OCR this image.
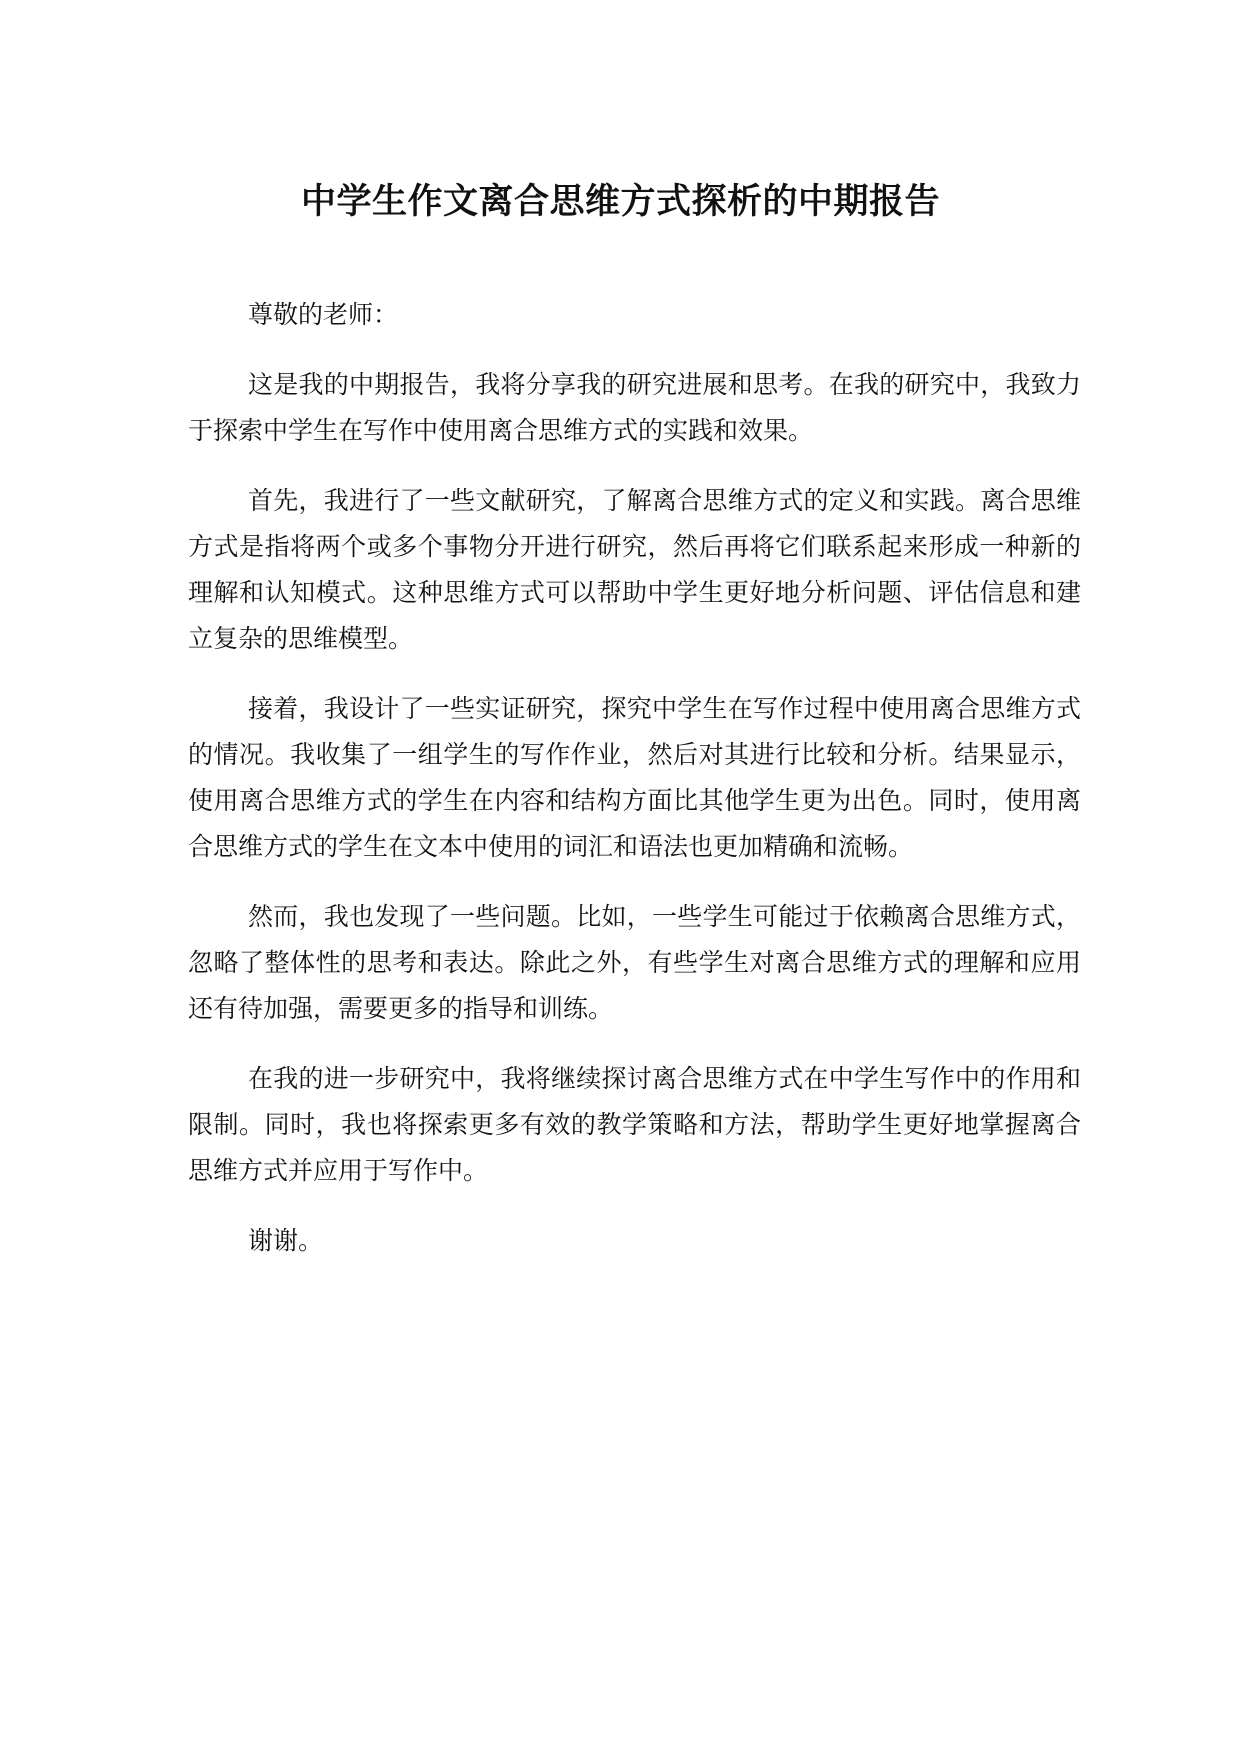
中学生作文离合思维方式探析的中期报告

尊敬的老师：

这是我的中期报告，我将分享我的研究进展和思考。在我的研究中，我致力于探索中学生在写作中使用离合思维方式的实践和效果。

首先，我进行了一些文献研究，了解离合思维方式的定义和实践。离合思维方式是指将两个或多个事物分开进行研究，然后再将它们联系起来形成一种新的理解和认知模式。这种思维方式可以帮助中学生更好地分析问题、评估信息和建立复杂的思维模型。

接着，我设计了一些实证研究，探究中学生在写作过程中使用离合思维方式的情况。我收集了一组学生的写作作业，然后对其进行比较和分析。结果显示，使用离合思维方式的学生在内容和结构方面比其他学生更为出色。同时，使用离合思维方式的学生在文本中使用的词汇和语法也更加精确和流畅。

然而，我也发现了一些问题。比如，一些学生可能过于依赖离合思维方式，忽略了整体性的思考和表达。除此之外，有些学生对离合思维方式的理解和应用还有待加强，需要更多的指导和训练。

在我的进一步研究中，我将继续探讨离合思维方式在中学生写作中的作用和限制。同时，我也将探索更多有效的教学策略和方法，帮助学生更好地掌握离合思维方式并应用于写作中。

谢谢。
